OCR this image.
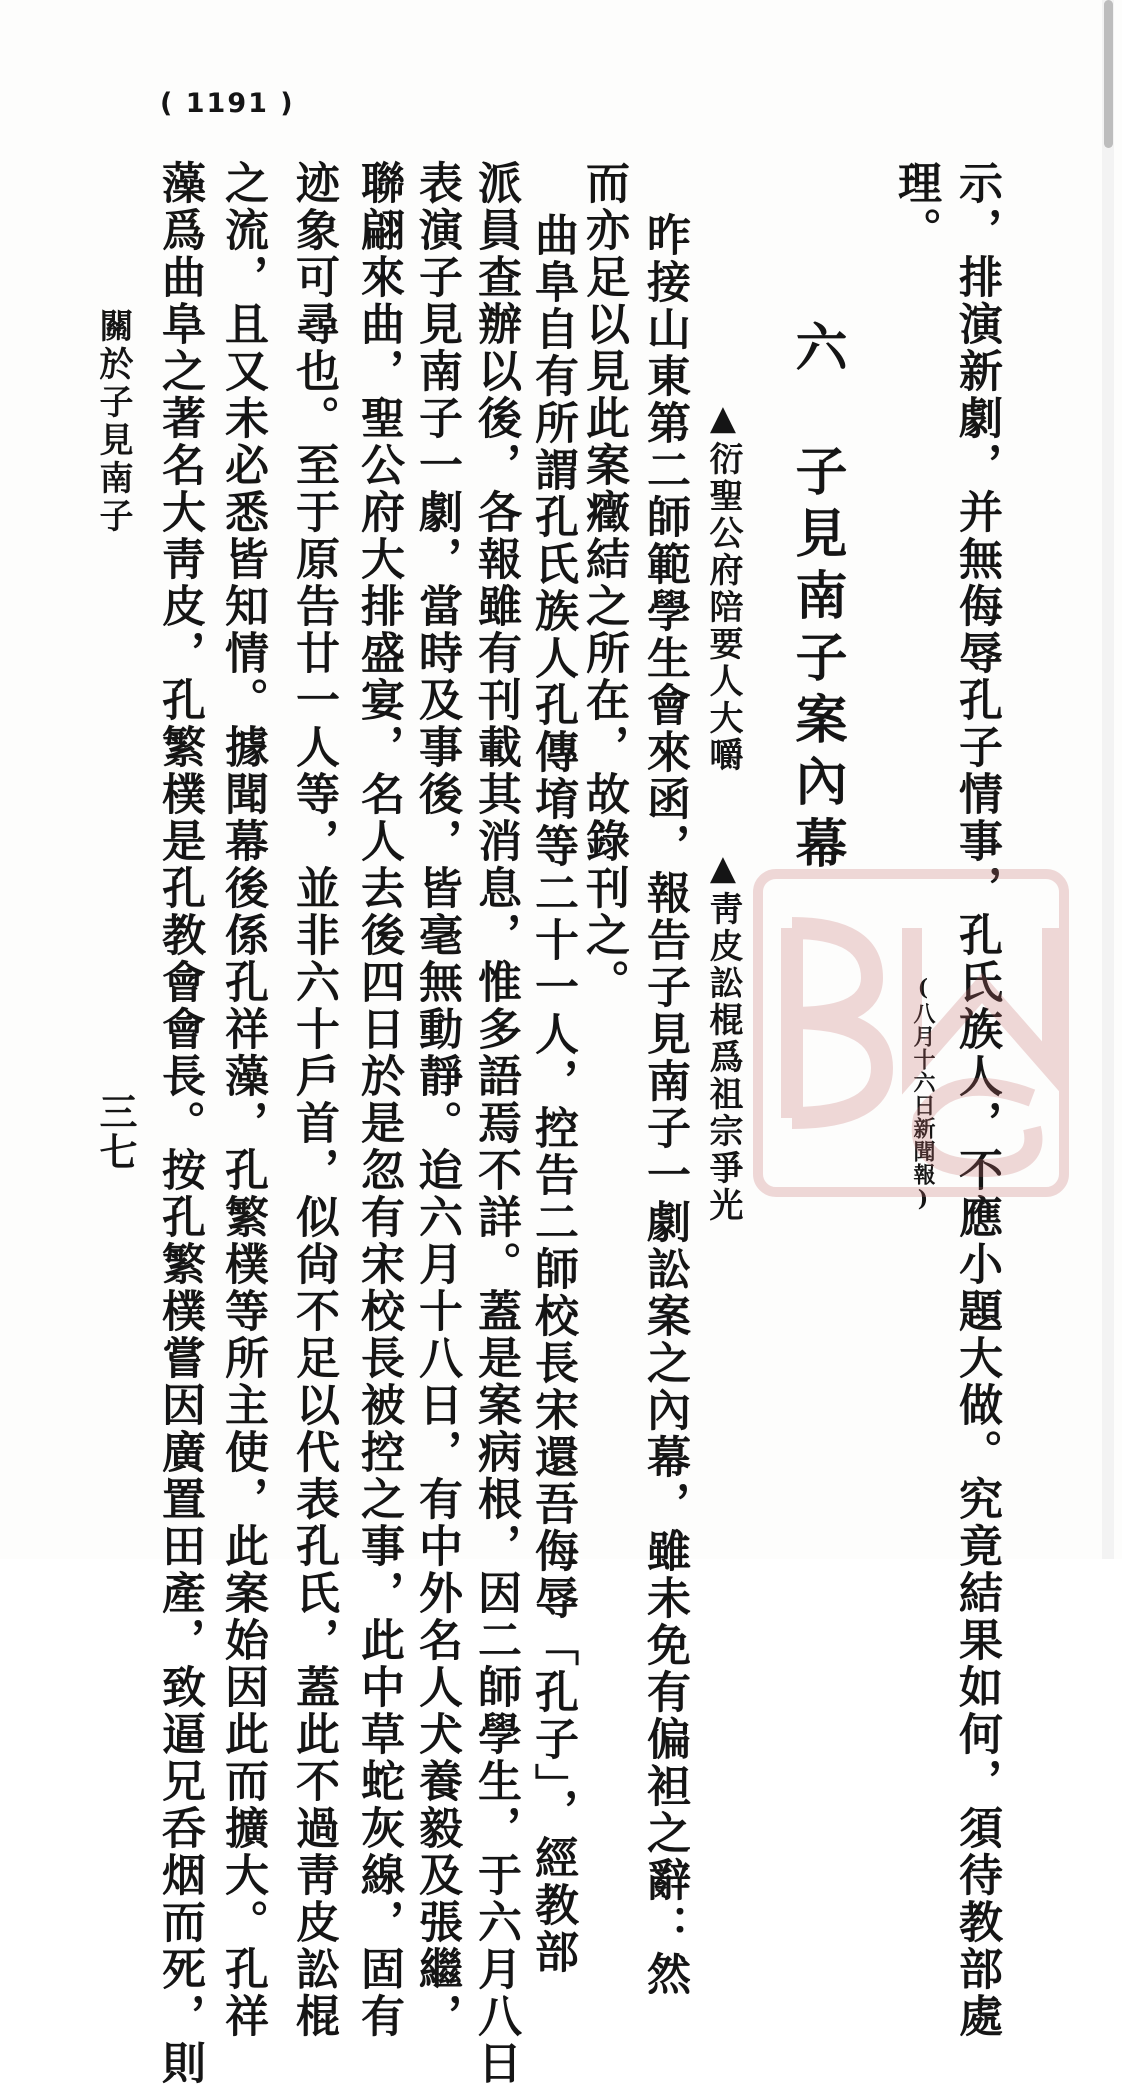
( 1191 )
示，排演新劇，并無侮辱孔子情事，孔氏族人，不應小題大做。究竟結果如何，須待教部處
理。
(八月十六日新聞報)
六　子見南子案內幕
▲衍聖公府陪要人大嚼　　▲靑皮訟棍爲祖宗爭光
昨接山東第二師範學生會來函，報告子見南子一劇訟案之內幕，雖未免有偏袒之辭：然
而亦足以見此案癥結之所在，故錄刊之。
曲阜自有所謂孔氏族人孔傳堉等二十一人，控告二師校長宋還吾侮辱「孔子」，經教部
派員查辦以後，各報雖有刊載其消息，惟多語焉不詳。蓋是案病根，因二師學生，于六月八日
表演子見南子一劇，當時及事後，皆毫無動靜。迨六月十八日，有中外名人犬養毅及張繼，
聯翩來曲，聖公府大排盛宴，名人去後四日於是忽有宋校長被控之事，此中草蛇灰線，固有
迹象可尋也。至于原告廿一人等，並非六十戶首，似尙不足以代表孔氏，蓋此不過靑皮訟棍
之流，且又未必悉皆知情。據聞幕後係孔祥藻，孔繁樸等所主使，此案始因此而擴大。孔祥
藻爲曲阜之著名大靑皮，孔繁樸是孔教會會長。按孔繁樸嘗因廣置田產，致逼兄呑烟而死，則
關於子見南子
三七
